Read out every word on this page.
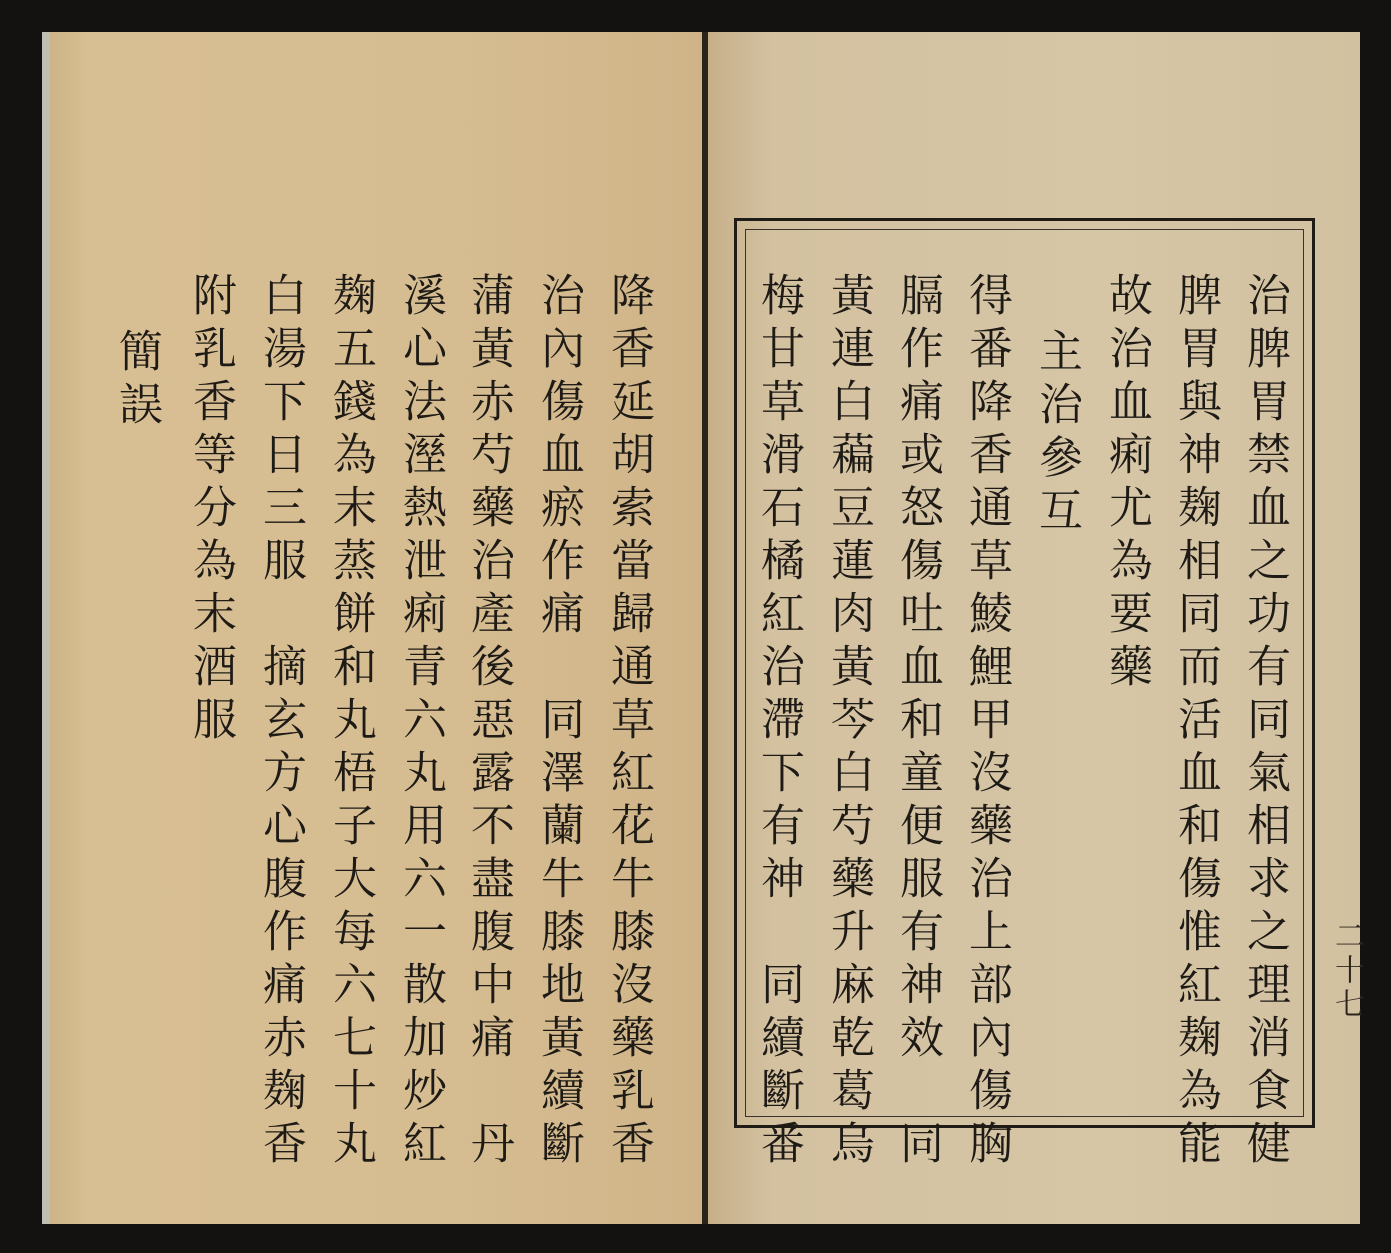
降香延胡索當歸通草紅花牛膝沒藥乳香
治內傷血瘀作痛　同澤蘭牛膝地黃續斷
蒲黃赤芍藥治產後惡露不盡腹中痛　丹
溪心法溼熱泄痢青六丸用六一散加炒紅
麹五錢為末蒸餅和丸梧子大每六七十丸
白湯下日三服　摘玄方心腹作痛赤麹香
附乳香等分為末酒服
簡誤	治脾胃禁血之功有同氣相求之理消食健
脾胃與神麹相同而活血和傷惟紅麹為能
故治血痢尤為要藥
主治參互
得番降香通草鯪鯉甲沒藥治上部內傷胸
膈作痛或怒傷吐血和童便服有神效　同
黃連白藊豆蓮肉黃芩白芍藥升麻乾葛烏
梅甘草滑石橘紅治滯下有神　同續斷番	二十七
